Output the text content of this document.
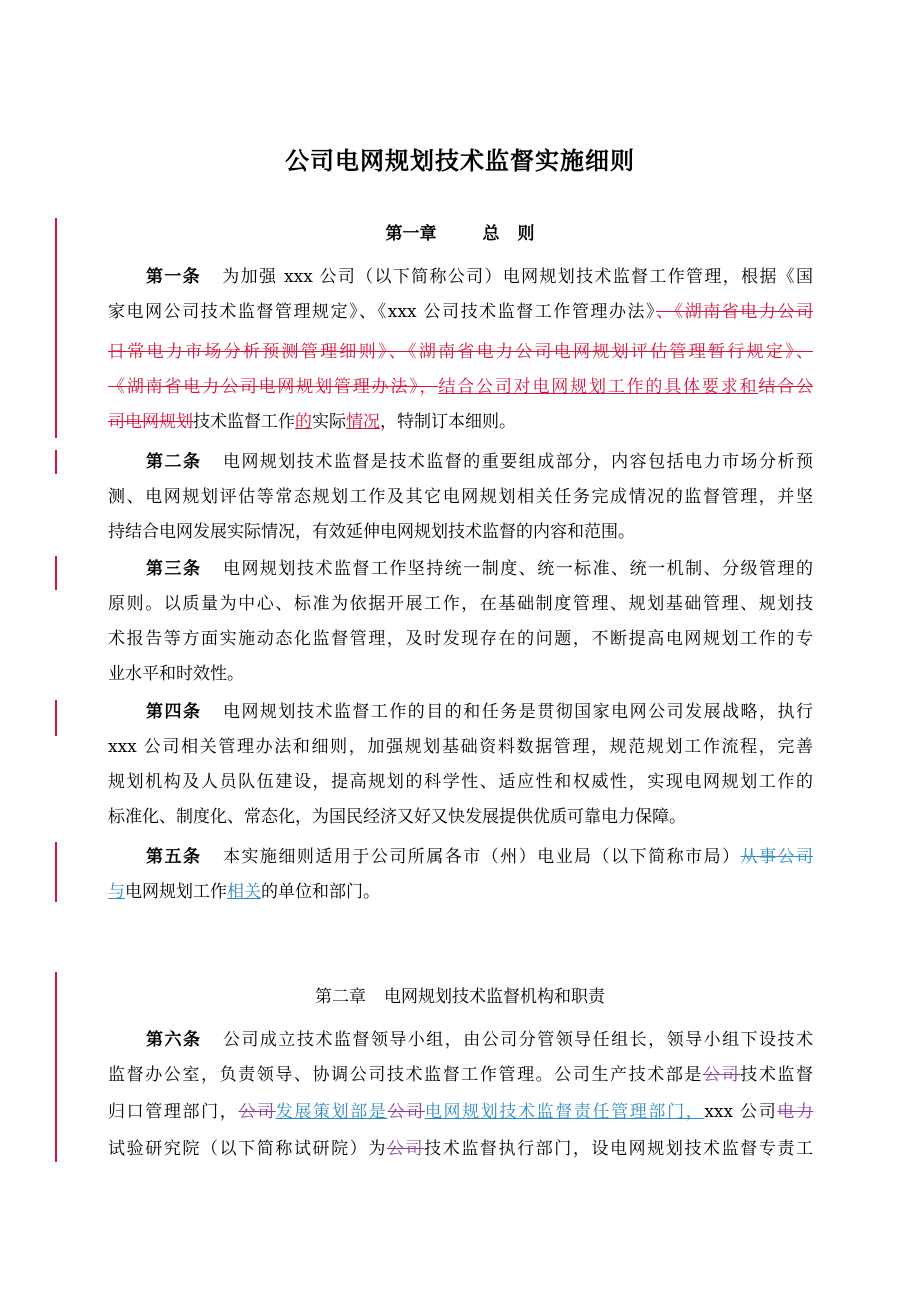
公司电网规划技术监督实施细则
第一章	总 则
第一条 为加强 xxx 公司（以下简称公司）电网规划技术监督工作管理，根据《国
家电网公司技术监督管理规定》、《xxx 公司技术监督工作管理办法》、《湖南省电力公司
日常电力市场分析预测管理细则》、《湖南省电力公司电网规划评估管理暂行规定》、
《湖南省电力公司电网规划管理办法》，结合公司对电网规划工作的具体要求和结合公
司电网规划技术监督工作的实际情况，特制订本细则。
第二条 电网规划技术监督是技术监督的重要组成部分，内容包括电力市场分析预
测、电网规划评估等常态规划工作及其它电网规划相关任务完成情况的监督管理，并坚
持结合电网发展实际情况，有效延伸电网规划技术监督的内容和范围。
第三条 电网规划技术监督工作坚持统一制度、统一标准、统一机制、分级管理的
原则。以质量为中心、标准为依据开展工作，在基础制度管理、规划基础管理、规划技
术报告等方面实施动态化监督管理，及时发现存在的问题，不断提高电网规划工作的专
业水平和时效性。
第四条 电网规划技术监督工作的目的和任务是贯彻国家电网公司发展战略，执行
xxx 公司相关管理办法和细则，加强规划基础资料数据管理，规范规划工作流程，完善
规划机构及人员队伍建设，提高规划的科学性、适应性和权威性，实现电网规划工作的
标准化、制度化、常态化，为国民经济又好又快发展提供优质可靠电力保障。
第五条 本实施细则适用于公司所属各市（州）电业局（以下简称市局）从事公司
与电网规划工作相关的单位和部门。
第二章 电网规划技术监督机构和职责
第六条 公司成立技术监督领导小组，由公司分管领导任组长，领导小组下设技术
监督办公室，负责领导、协调公司技术监督工作管理。公司生产技术部是公司技术监督
归口管理部门，公司发展策划部是公司电网规划技术监督责任管理部门，xxx 公司电力
试验研究院（以下简称试研院）为公司技术监督执行部门，设电网规划技术监督专责工
